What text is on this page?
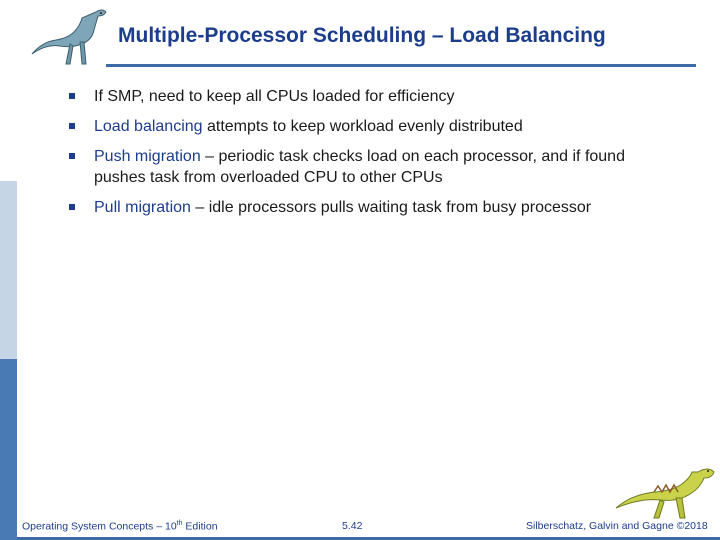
Multiple-Processor Scheduling – Load Balancing
If SMP, need to keep all CPUs loaded for efficiency
Load balancing attempts to keep workload evenly distributed
Push migration – periodic task checks load on each processor, and if found pushes task from overloaded CPU to other CPUs
Pull migration – idle processors pulls waiting task from busy processor
Operating System Concepts – 10th Edition	5.42	Silberschatz, Galvin and Gagne ©2018
